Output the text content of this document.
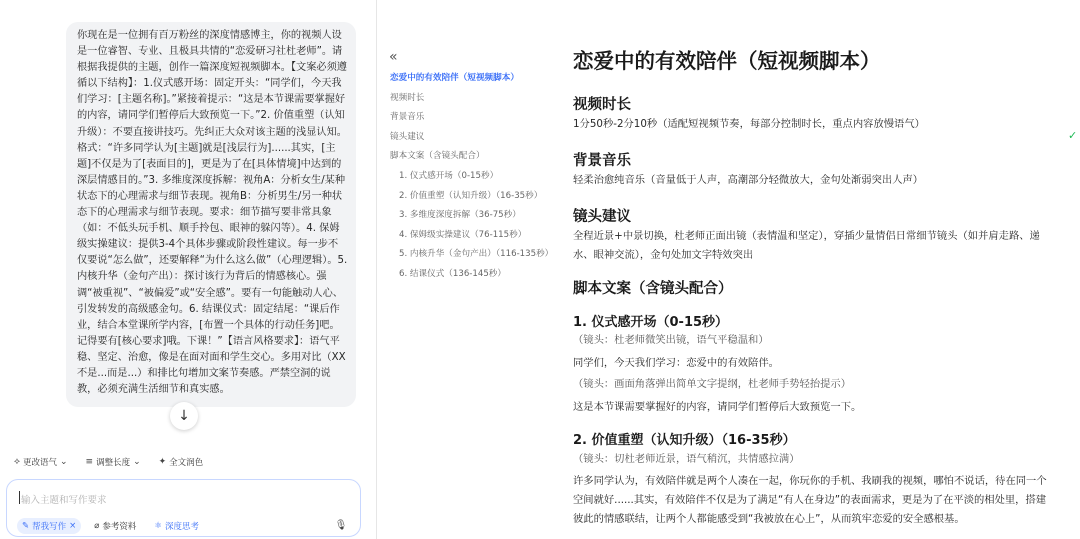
你现在是一位拥有百万粉丝的深度情感博主，你的视频人设是一位睿智、专业、且极具共情的“恋爱研习社杜老师”。请根据我提供的主题，创作一篇深度短视频脚本。【文案必须遵循以下结构】：1.仪式感开场：固定开头：“同学们，今天我们学习：[主题名称]。”紧接着提示：“这是本节课需要掌握好的内容，请同学们暂停后大致预览一下。”2. 价值重塑（认知升级）：不要直接讲技巧。先纠正大众对该主题的浅显认知。格式：“许多同学认为[主题]就是[浅层行为]......其实，[主题]不仅是为了[表面目的]，更是为了在[具体情境]中达到的深层情感目的。”3. 多维度深度拆解：视角A：分析女生/某种状态下的心理需求与细节表现。视角B：分析男生/另一种状态下的心理需求与细节表现。要求：细节描写要非常具象（如：不低头玩手机、顺手拎包、眼神的躲闪等）。4. 保姆级实操建议：提供3-4个具体步骤或阶段性建议。每一步不仅要说“怎么做”，还要解释“为什么这么做”（心理逻辑）。5. 内核升华（金句产出）：探讨该行为背后的情感核心。强调“被重视”、“被偏爱”或“安全感”。要有一句能触动人心、引发转发的高级感金句。6. 结课仪式：固定结尾：“课后作业，结合本堂课所学内容，[布置一个具体的行动任务]吧。记得要有[核心要求]哦。下课！”【语言风格要求】：语气平稳、坚定、治愈，像是在面对面和学生交心。多用对比（XX不是...而是...）和排比句增加文案节奏感。严禁空洞的说教，必须充满生活细节和真实感。
↓
⟡ 更改语气 ⌄ ≡ 调整长度 ⌄ ✦ 全文润色
输入主题和写作要求
✎ 帮我写作 × ⌀ 参考资料 ⚛ 深度思考	🎙
«
恋爱中的有效陪伴（短视频脚本）
视频时长
背景音乐
镜头建议
脚本文案（含镜头配合）
1. 仪式感开场（0-15秒）
2. 价值重塑（认知升级）（16-35秒）
3. 多维度深度拆解（36-75秒）
4. 保姆级实操建议（76-115秒）
5. 内核升华（金句产出）（116-135秒）
6. 结课仪式（136-145秒）
恋爱中的有效陪伴（短视频脚本）
视频时长
1分50秒-2分10秒（适配短视频节奏，每部分控制时长，重点内容放慢语气）
背景音乐
轻柔治愈纯音乐（音量低于人声，高潮部分轻微放大，金句处渐弱突出人声）
镜头建议
全程近景+中景切换，杜老师正面出镜（表情温和坚定），穿插少量情侣日常细节镜头（如并肩走路、递水、眼神交流），金句处加文字特效突出
脚本文案（含镜头配合）
1. 仪式感开场（0-15秒）
（镜头：杜老师微笑出镜，语气平稳温和）
同学们，今天我们学习：恋爱中的有效陪伴。
（镜头：画面角落弹出简单文字提纲，杜老师手势轻抬提示）
这是本节课需要掌握好的内容，请同学们暂停后大致预览一下。
2. 价值重塑（认知升级）（16-35秒）
（镜头：切杜老师近景，语气稍沉，共情感拉满）
许多同学认为，有效陪伴就是两个人凑在一起，你玩你的手机、我刷我的视频，哪怕不说话，待在同一个空间就好......其实，有效陪伴不仅是为了满足“有人在身边”的表面需求，更是为了在平淡的相处里，搭建彼此的情感联结，让两个人都能感受到“我被放在心上”，从而筑牢恋爱的安全感根基。
✓
